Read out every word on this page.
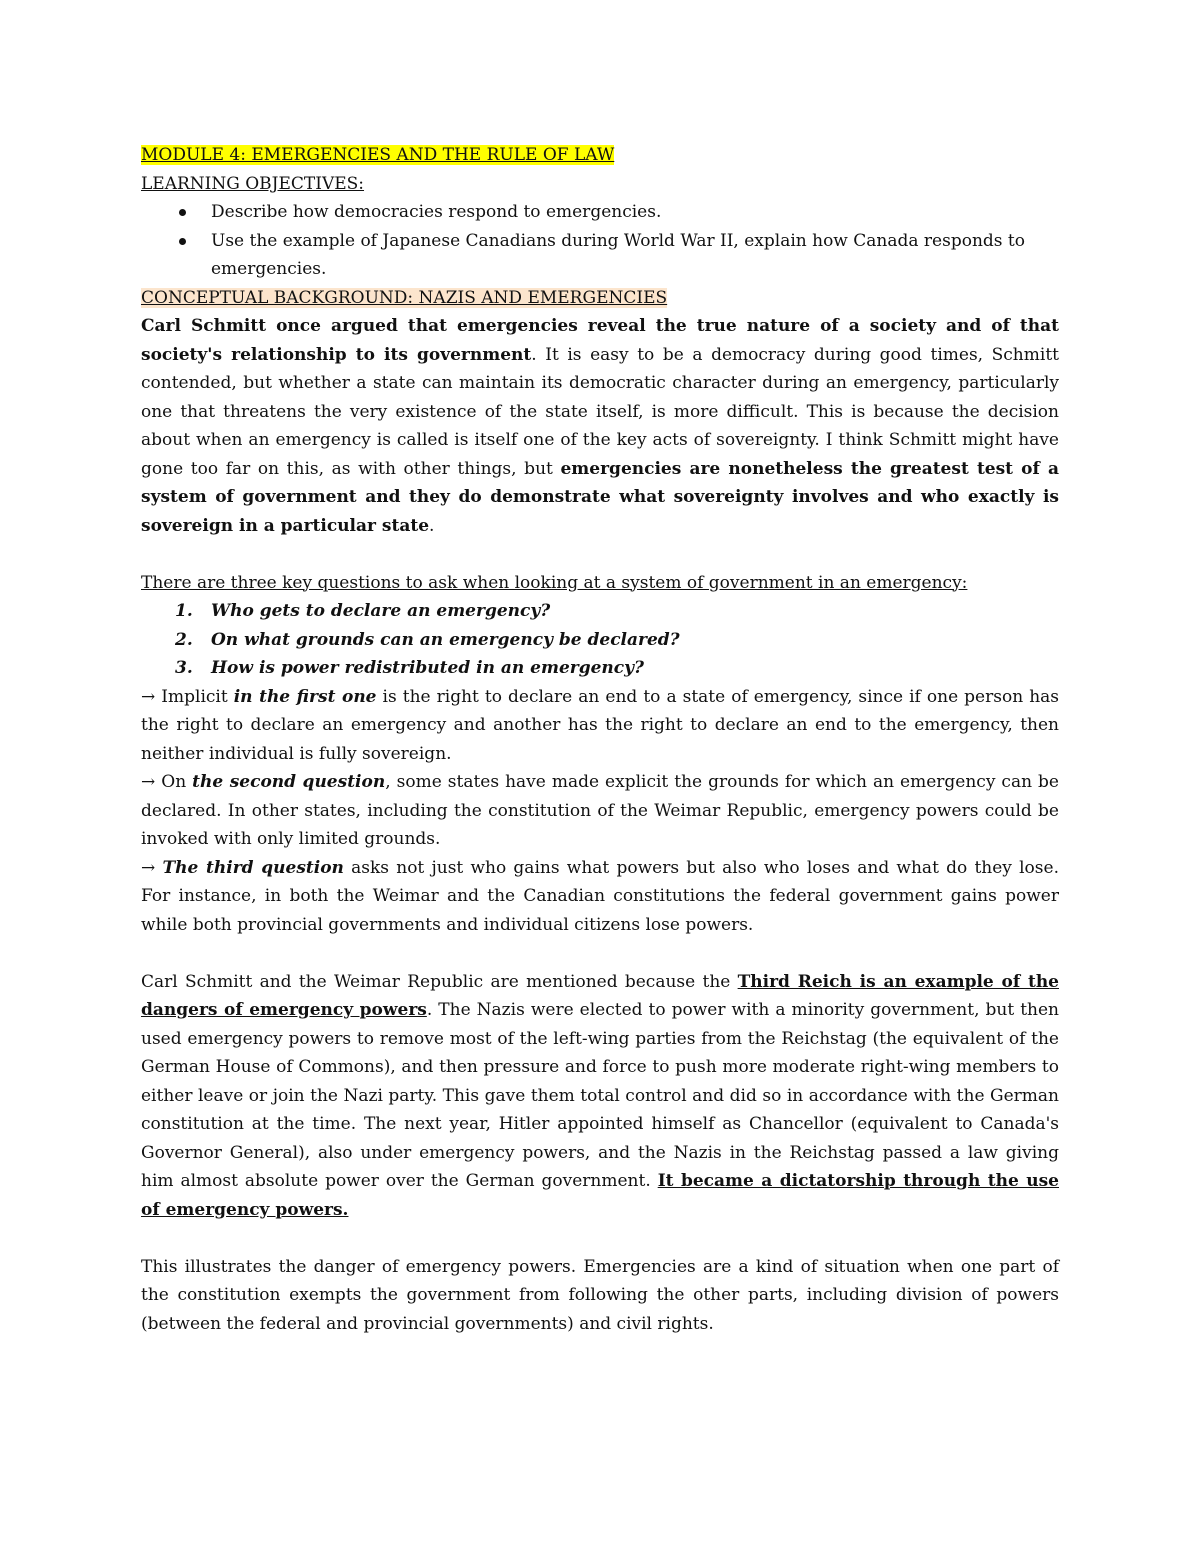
MODULE 4: EMERGENCIES AND THE RULE OF LAW
LEARNING OBJECTIVES:
Describe how democracies respond to emergencies.
Use the example of Japanese Canadians during World War II, explain how Canada responds to emergencies.
CONCEPTUAL BACKGROUND: NAZIS AND EMERGENCIES

Carl Schmitt once argued that emergencies reveal the true nature of a society and of that society's relationship to its government. It is easy to be a democracy during good times, Schmitt contended, but whether a state can maintain its democratic character during an emergency, particularly one that threatens the very existence of the state itself, is more difficult. This is because the decision about when an emergency is called is itself one of the key acts of sovereignty. I think Schmitt might have gone too far on this, as with other things, but emergencies are nonetheless the greatest test of a system of government and they do demonstrate what sovereignty involves and who exactly is sovereign in a particular state.

There are three key questions to ask when looking at a system of government in an emergency:
1. Who gets to declare an emergency?
2. On what grounds can an emergency be declared?
3. How is power redistributed in an emergency?

→ Implicit in the first one is the right to declare an end to a state of emergency, since if one person has the right to declare an emergency and another has the right to declare an end to the emergency, then neither individual is fully sovereign.

→ On the second question, some states have made explicit the grounds for which an emergency can be declared. In other states, including the constitution of the Weimar Republic, emergency powers could be invoked with only limited grounds.

→ The third question asks not just who gains what powers but also who loses and what do they lose. For instance, in both the Weimar and the Canadian constitutions the federal government gains power while both provincial governments and individual citizens lose powers.

Carl Schmitt and the Weimar Republic are mentioned because the Third Reich is an example of the dangers of emergency powers. The Nazis were elected to power with a minority government, but then used emergency powers to remove most of the left-wing parties from the Reichstag (the equivalent of the German House of Commons), and then pressure and force to push more moderate right-wing members to either leave or join the Nazi party. This gave them total control and did so in accordance with the German constitution at the time. The next year, Hitler appointed himself as Chancellor (equivalent to Canada's Governor General), also under emergency powers, and the Nazis in the Reichstag passed a law giving him almost absolute power over the German government. It became a dictatorship through the use of emergency powers.

This illustrates the danger of emergency powers. Emergencies are a kind of situation when one part of the constitution exempts the government from following the other parts, including division of powers (between the federal and provincial governments) and civil rights.
